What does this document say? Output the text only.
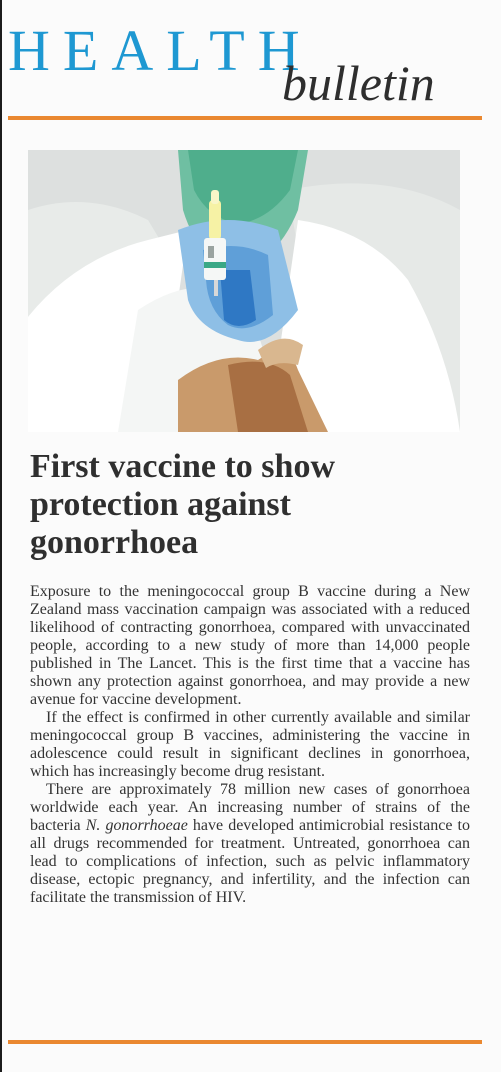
HEALTH
bulletin
First vaccine to show
protection against
gonorrhoea

Exposure to the meningococcal group B vaccine during a New Zealand mass vaccination campaign was associated with a reduced likelihood of contracting gonorrhoea, compared with unvaccinated people, according to a new study of more than 14,000 people published in The Lancet. This is the first time that a vaccine has shown any protection against gonorrhoea, and may provide a new avenue for vaccine development.

If the effect is confirmed in other currently available and similar meningococcal group B vaccines, administering the vaccine in adolescence could result in significant declines in gonorrhoea, which has increasingly become drug resistant.

There are approximately 78 million new cases of gonorrhoea worldwide each year. An increasing number of strains of the bacteria N. gonorrhoeae have developed antimicrobial resistance to all drugs recommended for treatment. Untreated, gonorrhoea can lead to complications of infection, such as pelvic inflammatory disease, ectopic pregnancy, and infertility, and the infection can facilitate the transmission of HIV.
